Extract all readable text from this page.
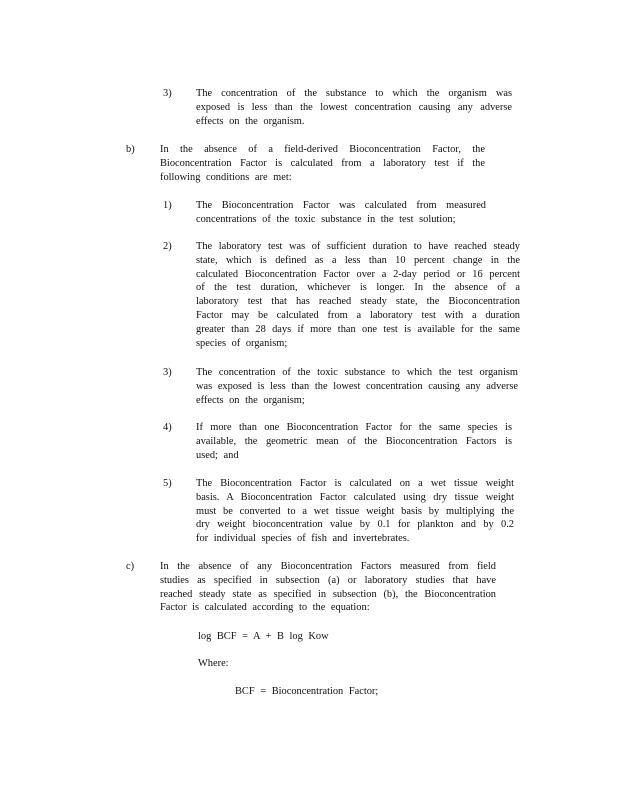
3) The concentration of the substance to which the organism was exposed is less than the lowest concentration causing any adverse effects on the organism.
b) In the absence of a field-derived Bioconcentration Factor, the Bioconcentration Factor is calculated from a laboratory test if the following conditions are met:
1) The Bioconcentration Factor was calculated from measured concentrations of the toxic substance in the test solution;
2) The laboratory test was of sufficient duration to have reached steady state, which is defined as a less than 10 percent change in the calculated Bioconcentration Factor over a 2-day period or 16 percent of the test duration, whichever is longer. In the absence of a laboratory test that has reached steady state, the Bioconcentration Factor may be calculated from a laboratory test with a duration greater than 28 days if more than one test is available for the same species of organism;
3) The concentration of the toxic substance to which the test organism was exposed is less than the lowest concentration causing any adverse effects on the organism;
4) If more than one Bioconcentration Factor for the same species is available, the geometric mean of the Bioconcentration Factors is used; and
5) The Bioconcentration Factor is calculated on a wet tissue weight basis. A Bioconcentration Factor calculated using dry tissue weight must be converted to a wet tissue weight basis by multiplying the dry weight bioconcentration value by 0.1 for plankton and by 0.2 for individual species of fish and invertebrates.
c) In the absence of any Bioconcentration Factors measured from field studies as specified in subsection (a) or laboratory studies that have reached steady state as specified in subsection (b), the Bioconcentration Factor is calculated according to the equation:
log BCF = A + B log Kow
Where:
BCF = Bioconcentration Factor;
